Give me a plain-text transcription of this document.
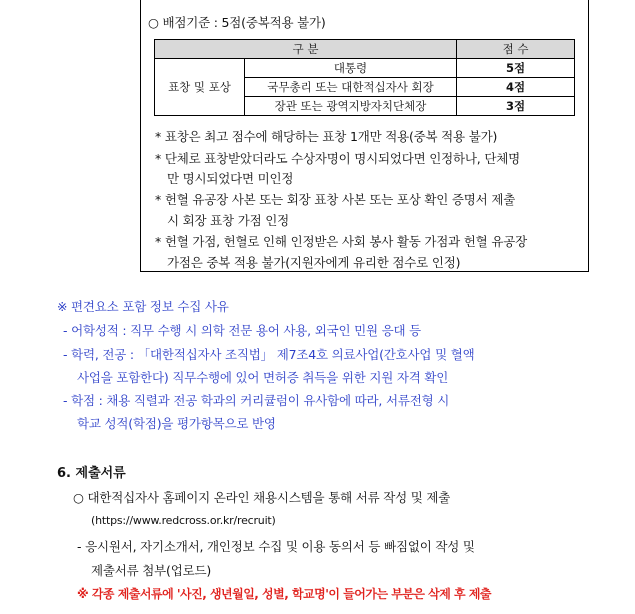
○ 배점기준 : 5점(중복적용 불가)
구 분		점 수
표창 및 포상	대통령	5점
	국무총리 또는 대한적십자사 회장	4점
	장관 또는 광역지방자치단체장	3점
* 표창은 최고 점수에 해당하는 표창 1개만 적용(중복 적용 불가)
* 단체로 표창받았더라도 수상자명이 명시되었다면 인정하나, 단체명
만 명시되었다면 미인정
* 헌혈 유공장 사본 또는 회장 표창 사본 또는 포상 확인 증명서 제출
시 회장 표창 가점 인정
* 헌혈 가점, 헌혈로 인해 인정받은 사회 봉사 활동 가점과 헌혈 유공장
가점은 중복 적용 불가(지원자에게 유리한 점수로 인정)
※ 편견요소 포함 정보 수집 사유
- 어학성적 : 직무 수행 시 의학 전문 용어 사용, 외국인 민원 응대 등
- 학력, 전공 : 「대한적십자사 조직법」 제7조4호 의료사업(간호사업 및 혈액
사업을 포함한다) 직무수행에 있어 면허증 취득을 위한 지원 자격 확인
- 학점 : 채용 직렬과 전공 학과의 커리큘럼이 유사함에 따라, 서류전형 시
학교 성적(학점)을 평가항목으로 반영
6. 제출서류
○ 대한적십자사 홈페이지 온라인 채용시스템을 통해 서류 작성 및 제출
(https://www.redcross.or.kr/recruit)
- 응시원서, 자기소개서, 개인정보 수집 및 이용 동의서 등 빠짐없이 작성 및
제출서류 첨부(업로드)
※ 각종 제출서류에 '사진, 생년월일, 성별, 학교명'이 들어가는 부분은 삭제 후 제출
